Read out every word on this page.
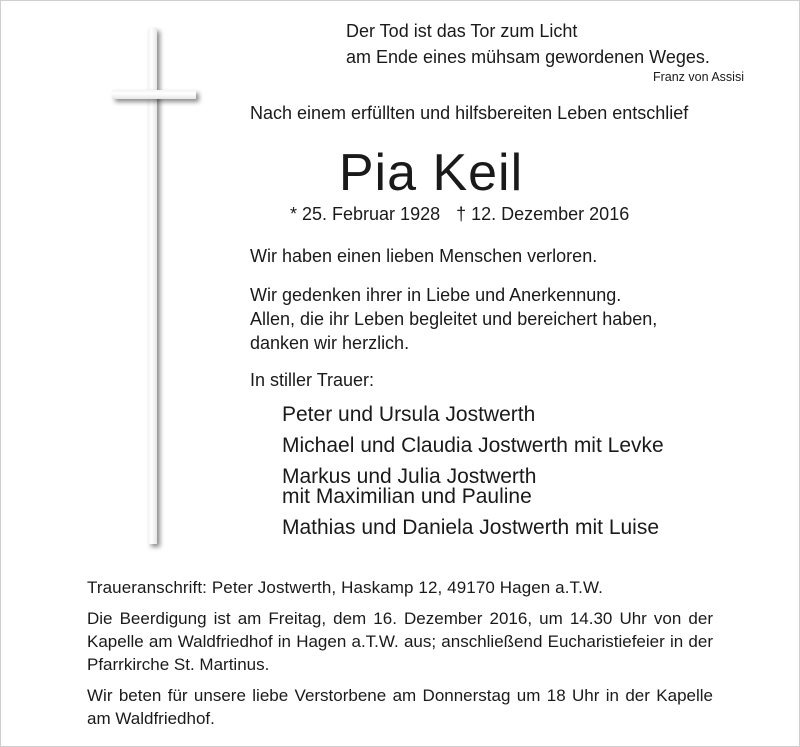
Der Tod ist das Tor zum Licht
am Ende eines mühsam gewordenen Weges.
Franz von Assisi
Nach einem erfüllten und hilfsbereiten Leben entschlief
Pia Keil
* 25. Februar 1928 † 12. Dezember 2016
Wir haben einen lieben Menschen verloren.
Wir gedenken ihrer in Liebe und Anerkennung.
Allen, die ihr Leben begleitet und bereichert haben,
danken wir herzlich.
In stiller Trauer:
Peter und Ursula Jostwerth
Michael und Claudia Jostwerth mit Levke
Markus und Julia Jostwerth
mit Maximilian und Pauline
Mathias und Daniela Jostwerth mit Luise
Traueranschrift: Peter Jostwerth, Haskamp 12, 49170 Hagen a.T.W.
Die Beerdigung ist am Freitag, dem 16. Dezember 2016, um 14.30 Uhr von der Kapelle am Waldfriedhof in Hagen a.T.W. aus; anschließend Eucharistiefeier in der Pfarrkirche St. Martinus.
Wir beten für unsere liebe Verstorbene am Donnerstag um 18 Uhr in der Kapelle am Waldfriedhof.
